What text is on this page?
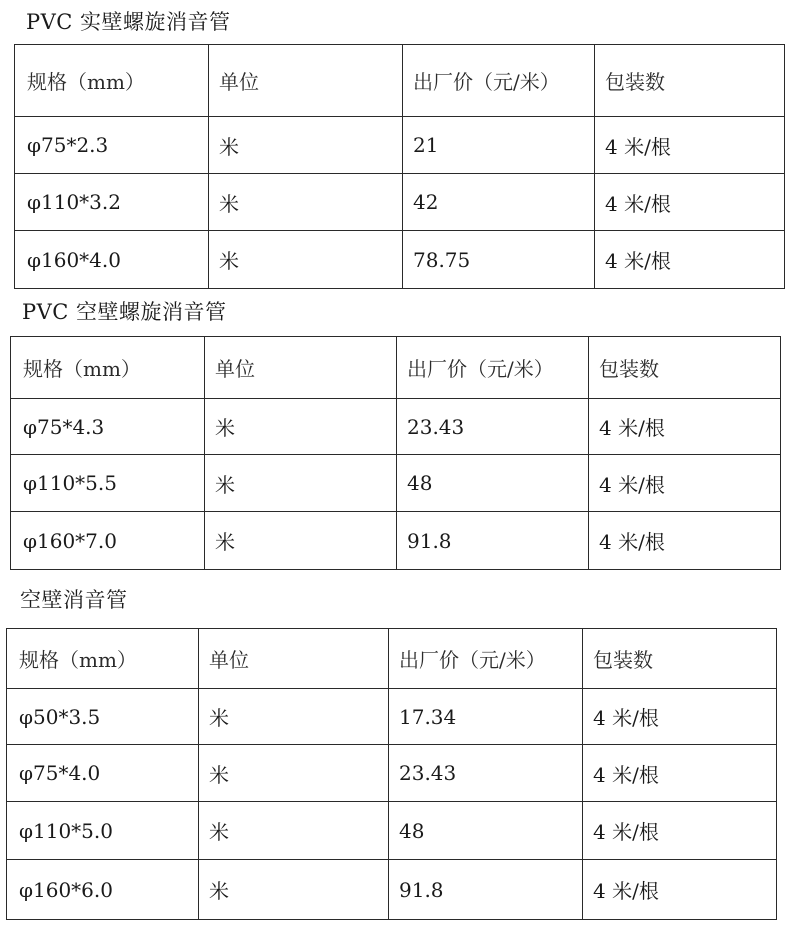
PVC 实壁螺旋消音管
规格（mm）	单位	出厂价（元/米）	包装数
φ75*2.3	米	21	4 米/根
φ110*3.2	米	42	4 米/根
φ160*4.0	米	78.75	4 米/根
PVC 空壁螺旋消音管
规格（mm）	单位	出厂价（元/米）	包装数
φ75*4.3	米	23.43	4 米/根
φ110*5.5	米	48	4 米/根
φ160*7.0	米	91.8	4 米/根
空壁消音管
规格（mm）	单位	出厂价（元/米）	包装数
φ50*3.5	米	17.34	4 米/根
φ75*4.0	米	23.43	4 米/根
φ110*5.0	米	48	4 米/根
φ160*6.0	米	91.8	4 米/根
